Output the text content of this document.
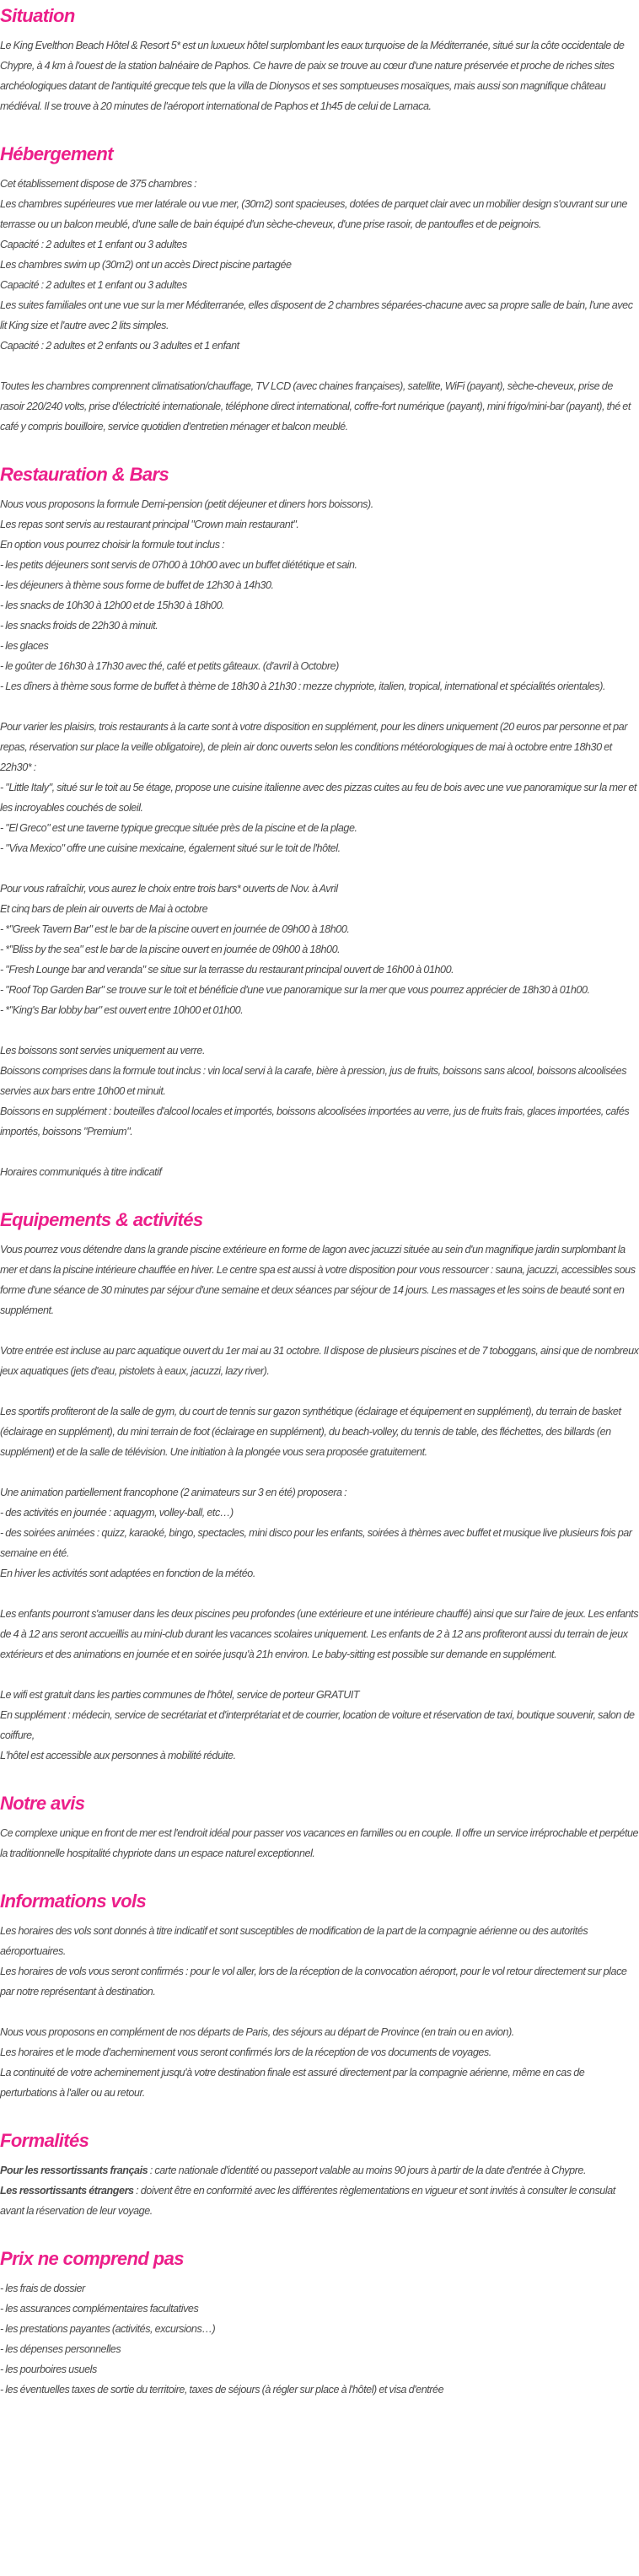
Situation

Le King Evelthon Beach Hôtel & Resort 5* est un luxueux hôtel surplombant les eaux turquoise de la Méditerranée, situé sur la côte occidentale de Chypre, à 4 km à l'ouest de la station balnéaire de Paphos. Ce havre de paix se trouve au cœur d'une nature préservée et proche de riches sites archéologiques datant de l'antiquité grecque tels que la villa de Dionysos et ses somptueuses mosaïques, mais aussi son magnifique château médiéval. Il se trouve à 20 minutes de l'aéroport international de Paphos et 1h45 de celui de Larnaca.

Hébergement

Cet établissement dispose de 375 chambres :

Les chambres supérieures vue mer latérale ou vue mer, (30m2) sont spacieuses, dotées de parquet clair avec un mobilier design s'ouvrant sur une terrasse ou un balcon meublé, d'une salle de bain équipé d'un sèche-cheveux, d'une prise rasoir, de pantoufles et de peignoirs.

Capacité : 2 adultes et 1 enfant ou 3 adultes

Les chambres swim up (30m2) ont un accès Direct piscine partagée

Capacité : 2 adultes et 1 enfant ou 3 adultes

Les suites familiales ont une vue sur la mer Méditerranée, elles disposent de 2 chambres séparées-chacune avec sa propre salle de bain, l'une avec lit King size et l'autre avec 2 lits simples.

Capacité : 2 adultes et 2 enfants ou 3 adultes et 1 enfant

Toutes les chambres comprennent climatisation/chauffage, TV LCD (avec chaines françaises), satellite, WiFi (payant), sèche-cheveux, prise de rasoir 220/240 volts, prise d'électricité internationale, téléphone direct international, coffre-fort numérique (payant), mini frigo/mini-bar (payant), thé et café y compris bouilloire, service quotidien d'entretien ménager et balcon meublé.

Restauration & Bars

Nous vous proposons la formule Demi-pension (petit déjeuner et diners hors boissons).

Les repas sont servis au restaurant principal "Crown main restaurant".

En option vous pourrez choisir la formule tout inclus :

- les petits déjeuners sont servis de 07h00 à 10h00 avec un buffet diététique et sain.

- les déjeuners à thème sous forme de buffet de 12h30 à 14h30.

- les snacks de 10h30 à 12h00 et de 15h30 à 18h00.

- les snacks froids de 22h30 à minuit.

- les glaces

- le goûter de 16h30 à 17h30 avec thé, café et petits gâteaux. (d'avril à Octobre)

- Les dîners à thème sous forme de buffet à thème de 18h30 à 21h30 : mezze chypriote, italien, tropical, international et spécialités orientales).

Pour varier les plaisirs, trois restaurants à la carte sont à votre disposition en supplément, pour les diners uniquement (20 euros par personne et par repas, réservation sur place la veille obligatoire), de plein air donc ouverts selon les conditions météorologiques de mai à octobre entre 18h30 et 22h30* :

- "Little Italy", situé sur le toit au 5e étage, propose une cuisine italienne avec des pizzas cuites au feu de bois avec une vue panoramique sur la mer et les incroyables couchés de soleil.

- "El Greco" est une taverne typique grecque située près de la piscine et de la plage.

- "Viva Mexico" offre une cuisine mexicaine, également situé sur le toit de l'hôtel.

Pour vous rafraîchir, vous aurez le choix entre trois bars* ouverts de Nov. à Avril

Et cinq bars de plein air ouverts de Mai à octobre

- *"Greek Tavern Bar" est le bar de la piscine ouvert en journée de 09h00 à 18h00.

- *"Bliss by the sea" est le bar de la piscine ouvert en journée de 09h00 à 18h00.

- "Fresh Lounge bar and veranda" se situe sur la terrasse du restaurant principal ouvert de 16h00 à 01h00.

- "Roof Top Garden Bar" se trouve sur le toit et bénéficie d'une vue panoramique sur la mer que vous pourrez apprécier de 18h30 à 01h00.

- *"King's Bar lobby bar" est ouvert entre 10h00 et 01h00.

Les boissons sont servies uniquement au verre.

Boissons comprises dans la formule tout inclus : vin local servi à la carafe, bière à pression, jus de fruits, boissons sans alcool, boissons alcoolisées servies aux bars entre 10h00 et minuit.

Boissons en supplément : bouteilles d'alcool locales et importés, boissons alcoolisées importées au verre, jus de fruits frais, glaces importées, cafés importés, boissons "Premium".

Horaires communiqués à titre indicatif

Equipements & activités

Vous pourrez vous détendre dans la grande piscine extérieure en forme de lagon avec jacuzzi située au sein d'un magnifique jardin surplombant la mer et dans la piscine intérieure chauffée en hiver. Le centre spa est aussi à votre disposition pour vous ressourcer : sauna, jacuzzi, accessibles sous forme d'une séance de 30 minutes par séjour d'une semaine et deux séances par séjour de 14 jours. Les massages et les soins de beauté sont en supplément.

Votre entrée est incluse au parc aquatique ouvert du 1er mai au 31 octobre. Il dispose de plusieurs piscines et de 7 toboggans, ainsi que de nombreux jeux aquatiques (jets d'eau, pistolets à eaux, jacuzzi, lazy river).

Les sportifs profiteront de la salle de gym, du court de tennis sur gazon synthétique (éclairage et équipement en supplément), du terrain de basket (éclairage en supplément), du mini terrain de foot (éclairage en supplément), du beach-volley, du tennis de table, des fléchettes, des billards (en supplément) et de la salle de télévision. Une initiation à la plongée vous sera proposée gratuitement.

Une animation partiellement francophone (2 animateurs sur 3 en été) proposera :

- des activités en journée : aquagym, volley-ball, etc…)

- des soirées animées : quizz, karaoké, bingo, spectacles, mini disco pour les enfants, soirées à thèmes avec buffet et musique live plusieurs fois par semaine en été.

En hiver les activités sont adaptées en fonction de la météo.

Les enfants pourront s'amuser dans les deux piscines peu profondes (une extérieure et une intérieure chauffé) ainsi que sur l'aire de jeux. Les enfants de 4 à 12 ans seront accueillis au mini-club durant les vacances scolaires uniquement. Les enfants de 2 à 12 ans profiteront aussi du terrain de jeux extérieurs et des animations en journée et en soirée jusqu'à 21h environ. Le baby-sitting est possible sur demande en supplément.

Le wifi est gratuit dans les parties communes de l'hôtel, service de porteur GRATUIT

En supplément : médecin, service de secrétariat et d'interprétariat et de courrier, location de voiture et réservation de taxi, boutique souvenir, salon de coiffure,

L'hôtel est accessible aux personnes à mobilité réduite.

Notre avis

Ce complexe unique en front de mer est l'endroit idéal pour passer vos vacances en familles ou en couple. Il offre un service irréprochable et perpétue la traditionnelle hospitalité chypriote dans un espace naturel exceptionnel.

Informations vols

Les horaires des vols sont donnés à titre indicatif et sont susceptibles de modification de la part de la compagnie aérienne ou des autorités aéroportuaires.

Les horaires de vols vous seront confirmés : pour le vol aller, lors de la réception de la convocation aéroport, pour le vol retour directement sur place par notre représentant à destination.

Nous vous proposons en complément de nos départs de Paris, des séjours au départ de Province (en train ou en avion).

Les horaires et le mode d'acheminement vous seront confirmés lors de la réception de vos documents de voyages.

La continuité de votre acheminement jusqu'à votre destination finale est assuré directement par la compagnie aérienne, même en cas de perturbations à l'aller ou au retour.

Formalités

Pour les ressortissants français : carte nationale d'identité ou passeport valable au moins 90 jours à partir de la date d'entrée à Chypre.

Les ressortissants étrangers : doivent être en conformité avec les différentes règlementations en vigueur et sont invités à consulter le consulat avant la réservation de leur voyage.

Prix ne comprend pas

- les frais de dossier

- les assurances complémentaires facultatives

- les prestations payantes (activités, excursions…)

- les dépenses personnelles

- les pourboires usuels

- les éventuelles taxes de sortie du territoire, taxes de séjours (à régler sur place à l'hôtel) et visa d'entrée
